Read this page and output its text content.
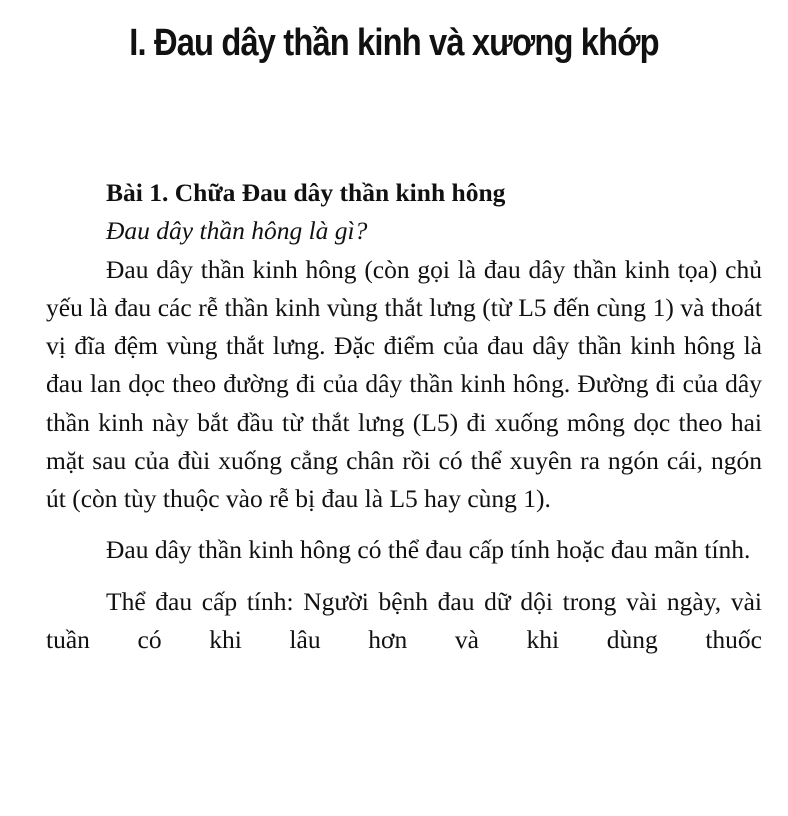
I. Đau dây thần kinh và xương khớp

Bài 1. Chữa Đau dây thần kinh hông

Đau dây thần hông là gì?

Đau dây thần kinh hông (còn gọi là đau dây thần kinh tọa) chủ yếu là đau các rễ thần kinh vùng thắt lưng (từ L5 đến cùng 1) và thoát vị đĩa đệm vùng thắt lưng. Đặc điểm của đau dây thần kinh hông là đau lan dọc theo đường đi của dây thần kinh hông. Đường đi của dây thần kinh này bắt đầu từ thắt lưng (L5) đi xuống mông dọc theo hai mặt sau của đùi xuống cẳng chân rồi có thể xuyên ra ngón cái, ngón út (còn tùy thuộc vào rễ bị đau là L5 hay cùng 1).

Đau dây thần kinh hông có thể đau cấp tính hoặc đau mãn tính.

Thể đau cấp tính: Người bệnh đau dữ dội trong vài ngày, vài tuần có khi lâu hơn và khi dùng thuốc
